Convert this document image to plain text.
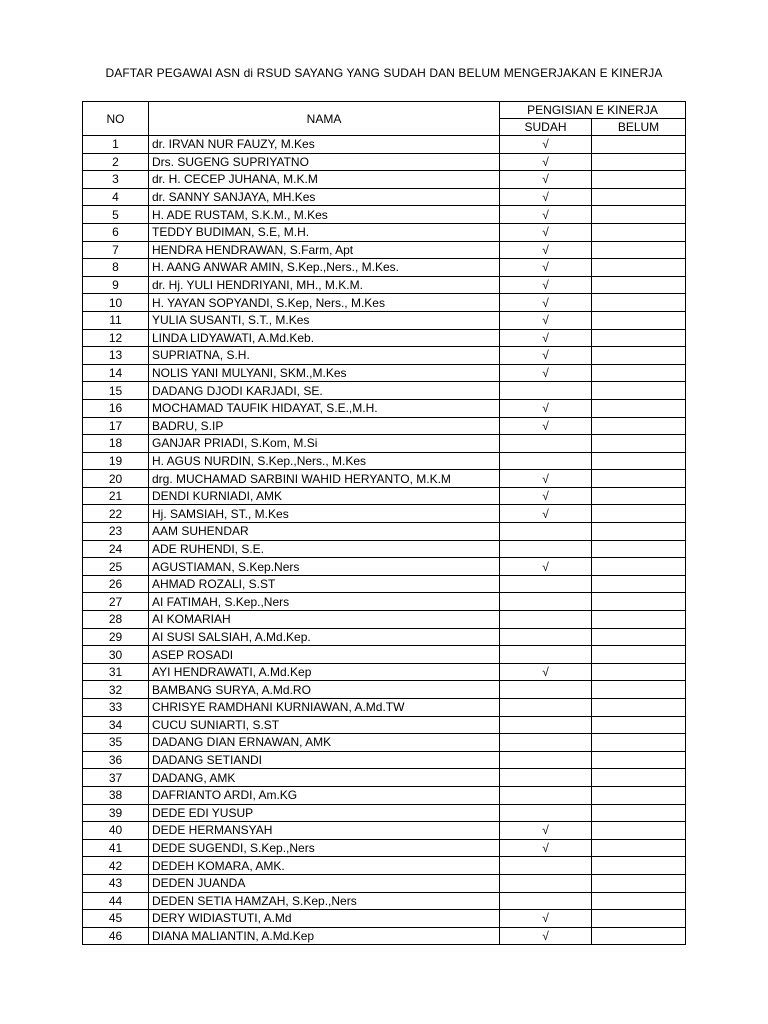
DAFTAR PEGAWAI ASN di RSUD SAYANG YANG SUDAH DAN BELUM MENGERJAKAN E KINERJA
NO	NAMA	PENGISIAN E KINERJA	
		SUDAH	BELUM
1	dr. IRVAN NUR FAUZY, M.Kes	√	
2	Drs. SUGENG SUPRIYATNO	√	
3	dr. H. CECEP JUHANA, M.K.M	√	
4	dr. SANNY SANJAYA, MH.Kes	√	
5	H. ADE RUSTAM, S.K.M., M.Kes	√	
6	TEDDY BUDIMAN, S.E, M.H.	√	
7	HENDRA HENDRAWAN, S.Farm, Apt	√	
8	H. AANG ANWAR AMIN, S.Kep.,Ners., M.Kes.	√	
9	dr. Hj. YULI HENDRIYANI, MH., M.K.M.	√	
10	H. YAYAN SOPYANDI, S.Kep, Ners., M.Kes	√	
11	YULIA SUSANTI, S.T., M.Kes	√	
12	LINDA LIDYAWATI, A.Md.Keb.	√	
13	SUPRIATNA, S.H.	√	
14	NOLIS YANI MULYANI, SKM.,M.Kes	√	
15	DADANG DJODI KARJADI, SE.		
16	MOCHAMAD TAUFIK HIDAYAT, S.E.,M.H.	√	
17	BADRU, S.IP	√	
18	GANJAR PRIADI, S.Kom, M.Si		
19	H. AGUS NURDIN, S.Kep.,Ners., M.Kes		
20	drg. MUCHAMAD SARBINI WAHID HERYANTO, M.K.M	√	
21	DENDI KURNIADI, AMK	√	
22	Hj. SAMSIAH, ST., M.Kes	√	
23	AAM SUHENDAR		
24	ADE RUHENDI, S.E.		
25	AGUSTIAMAN, S.Kep.Ners	√	
26	AHMAD ROZALI, S.ST		
27	AI FATIMAH, S.Kep.,Ners		
28	AI KOMARIAH		
29	AI SUSI SALSIAH, A.Md.Kep.		
30	ASEP ROSADI		
31	AYI HENDRAWATI, A.Md.Kep	√	
32	BAMBANG SURYA, A.Md.RO		
33	CHRISYE RAMDHANI KURNIAWAN, A.Md.TW		
34	CUCU SUNIARTI, S.ST		
35	DADANG DIAN ERNAWAN, AMK		
36	DADANG SETIANDI		
37	DADANG, AMK		
38	DAFRIANTO ARDI, Am.KG		
39	DEDE EDI YUSUP		
40	DEDE HERMANSYAH	√	
41	DEDE SUGENDI, S.Kep.,Ners	√	
42	DEDEH KOMARA, AMK.		
43	DEDEN JUANDA		
44	DEDEN SETIA HAMZAH, S.Kep.,Ners		
45	DERY WIDIASTUTI, A.Md	√	
46	DIANA MALIANTIN, A.Md.Kep	√	
